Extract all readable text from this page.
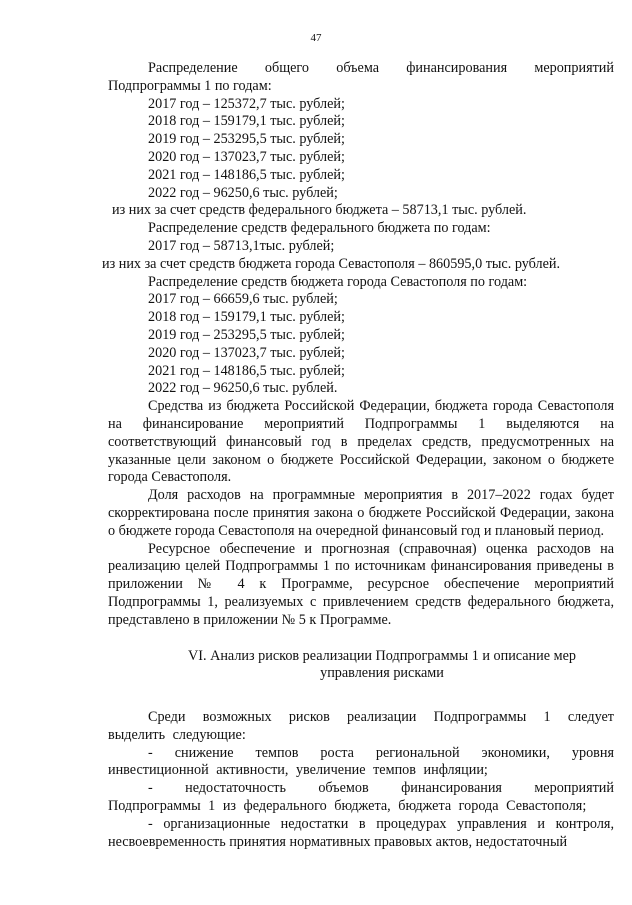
47

Распределение общего объема финансирования мероприятий Подпрограммы 1 по годам:

2017 год – 125372,7 тыс. рублей;

2018 год – 159179,1 тыс. рублей;

2019 год – 253295,5 тыс. рублей;

2020 год – 137023,7 тыс. рублей;

2021 год – 148186,5 тыс. рублей;

2022 год – 96250,6 тыс. рублей;

из них за счет средств федерального бюджета – 58713,1 тыс. рублей.

Распределение средств федерального бюджета по годам:

2017 год – 58713,1тыс. рублей;

из них за счет средств бюджета города Севастополя – 860595,0 тыс. рублей.

Распределение средств бюджета города Севастополя по годам:

2017 год – 66659,6 тыс. рублей;

2018 год – 159179,1 тыс. рублей;

2019 год – 253295,5 тыс. рублей;

2020 год – 137023,7 тыс. рублей;

2021 год – 148186,5 тыс. рублей;

2022 год – 96250,6 тыс. рублей.

Средства из бюджета Российской Федерации, бюджета города Севастополя на финансирование мероприятий Подпрограммы 1 выделяются на соответствующий финансовый год в пределах средств, предусмотренных на указанные цели законом о бюджете Российской Федерации, законом о бюджете города Севастополя.

Доля расходов на программные мероприятия в 2017–2022 годах будет скорректирована после принятия закона о бюджете Российской Федерации, закона о бюджете города Севастополя на очередной финансовый год и плановый период.

Ресурсное обеспечение и прогнозная (справочная) оценка расходов на реализацию целей Подпрограммы 1 по источникам финансирования приведены в приложении № 4 к Программе, ресурсное обеспечение мероприятий Подпрограммы 1, реализуемых с привлечением средств федерального бюджета, представлено в приложении № 5 к Программе.

VI. Анализ рисков реализации Подпрограммы 1 и описание мер управления рисками

Среди возможных рисков реализации Подпрограммы 1 следует выделить следующие:

- снижение темпов роста региональной экономики, уровня инвестиционной активности, увеличение темпов инфляции;

- недостаточность объемов финансирования мероприятий Подпрограммы 1 из федерального бюджета, бюджета города Севастополя;

- организационные недостатки в процедурах управления и контроля, несвоевременность принятия нормативных правовых актов, недостаточный
